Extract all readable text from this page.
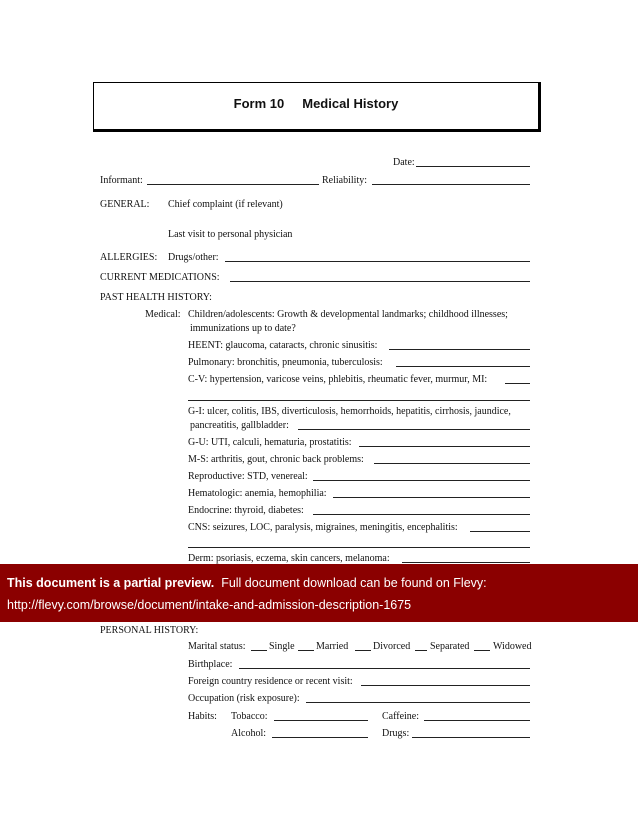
Form 10 Medical History
Date:
Informant:	Reliability:
GENERAL: Chief complaint (if relevant)
Last visit to personal physician
ALLERGIES: Drugs/other:
CURRENT MEDICATIONS:
PAST HEALTH HISTORY:
Medical: Children/adolescents: Growth & developmental landmarks; childhood illnesses;
immunizations up to date?
HEENT: glaucoma, cataracts, chronic sinusitis:
Pulmonary: bronchitis, pneumonia, tuberculosis:
C-V: hypertension, varicose veins, phlebitis, rheumatic fever, murmur, MI:
G-I: ulcer, colitis, IBS, diverticulosis, hemorrhoids, hepatitis, cirrhosis, jaundice,
pancreatitis, gallbladder:
G-U: UTI, calculi, hematuria, prostatitis:
M-S: arthritis, gout, chronic back problems:
Reproductive: STD, venereal:
Hematologic: anemia, hemophilia:
Endocrine: thyroid, diabetes:
CNS: seizures, LOC, paralysis, migraines, meningitis, encephalitis:
Derm: psoriasis, eczema, skin cancers, melanoma:
This document is a partial preview. Full document download can be found on Flevy:
http://flevy.com/browse/document/intake-and-admission-description-1675
PERSONAL HISTORY:
Marital status: Single Married Divorced Separated Widowed
Birthplace:
Foreign country residence or recent visit:
Occupation (risk exposure):
Habits: Tobacco:	Caffeine:
Alcohol:	Drugs:
